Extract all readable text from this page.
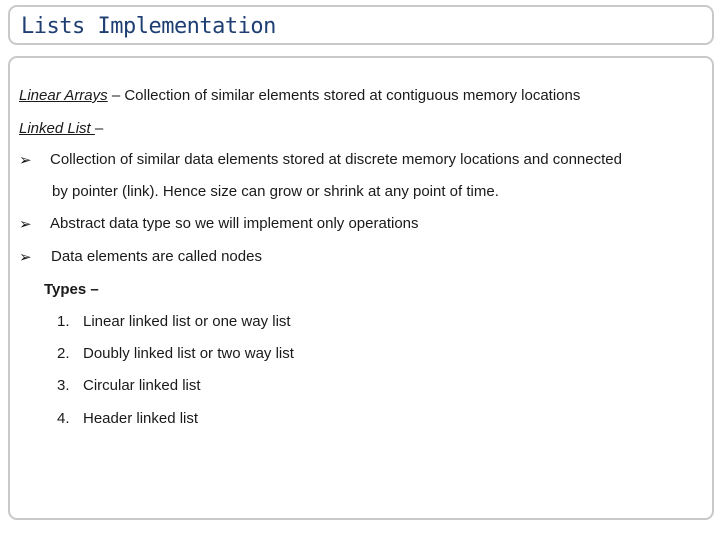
Lists Implementation
Linear Arrays – Collection of similar elements stored at contiguous memory locations
Linked List –
➢ Collection of similar data elements stored at discrete memory locations and connected
by pointer (link). Hence size can grow or shrink at any point of time.
➢ Abstract data type so we will implement only operations
➢ Data elements are called nodes
Types –
1. Linear linked list or one way list
2. Doubly linked list or two way list
3. Circular linked list
4. Header linked list
